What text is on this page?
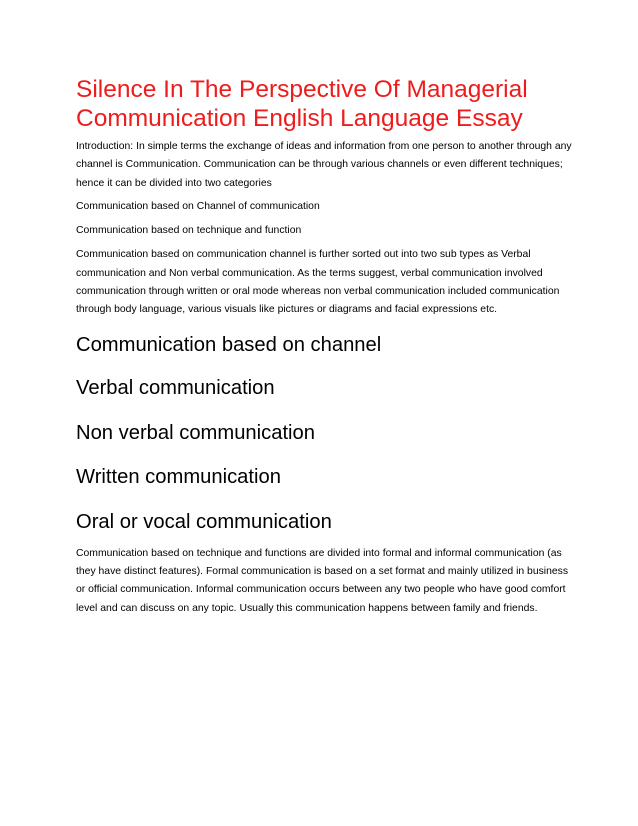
Silence In The Perspective Of Managerial Communication English Language Essay

Introduction: In simple terms the exchange of ideas and information from one person to another through any channel is Communication. Communication can be through various channels or even different techniques; hence it can be divided into two categories

Communication based on Channel of communication

Communication based on technique and function

Communication based on communication channel is further sorted out into two sub types as Verbal communication and Non verbal communication. As the terms suggest, verbal communication involved communication through written or oral mode whereas non verbal communication included communication through body language, various visuals like pictures or diagrams and facial expressions etc.

Communication based on channel
Verbal communication
Non verbal communication
Written communication
Oral or vocal communication

Communication based on technique and functions are divided into formal and informal communication (as they have distinct features). Formal communication is based on a set format and mainly utilized in business or official communication. Informal communication occurs between any two people who have good comfort level and can discuss on any topic. Usually this communication happens between family and friends.
